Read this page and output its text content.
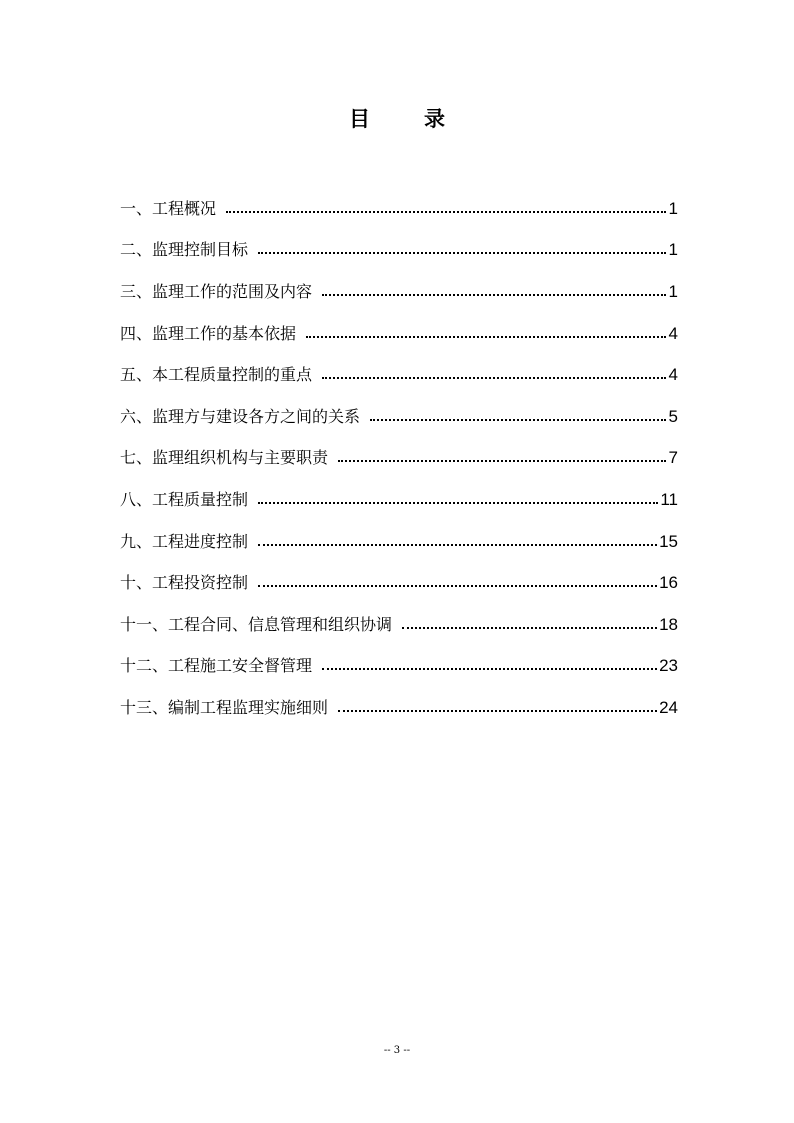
目	录
一、工程概况	1
二、监理控制目标	1
三、监理工作的范围及内容	1
四、监理工作的基本依据	4
五、本工程质量控制的重点	4
六、监理方与建设各方之间的关系	5
七、监理组织机构与主要职责	7
八、工程质量控制	11
九、工程进度控制	15
十、工程投资控制	16
十一、工程合同、信息管理和组织协调	18
十二、工程施工安全督管理	23
十三、编制工程监理实施细则	24
-- 3 --
